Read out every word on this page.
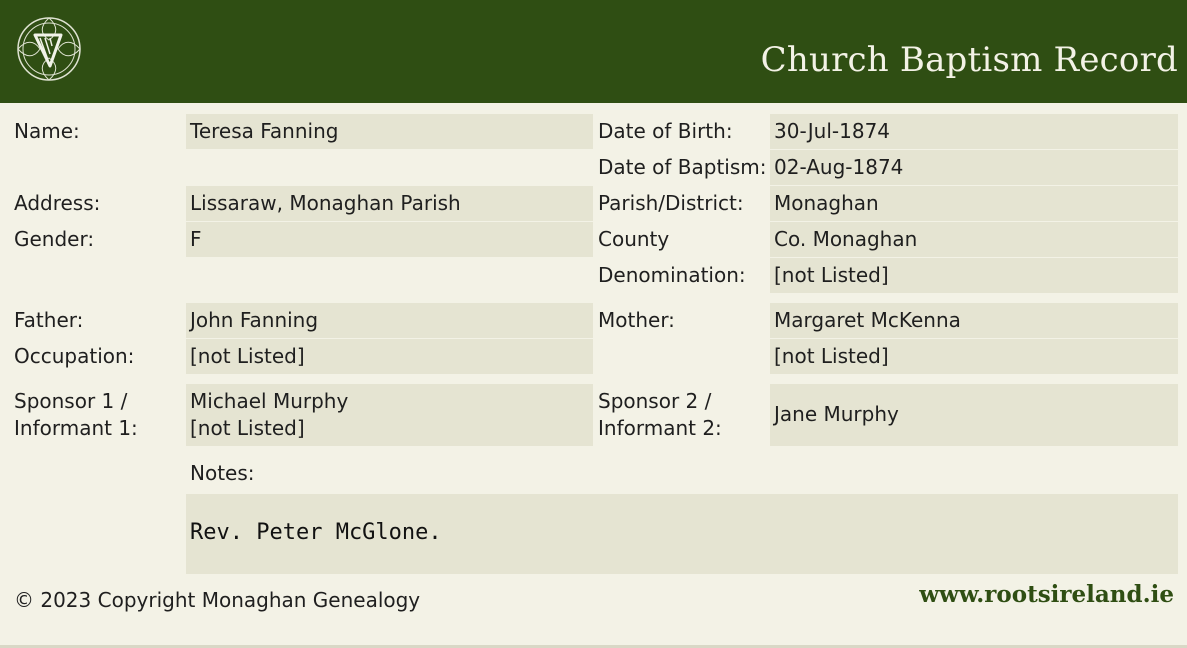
Church Baptism Record
Name:
Address:
Gender:
Father:
Occupation:
Sponsor 1 /
Informant 1:
Teresa Fanning
Lissaraw, Monaghan Parish
F
John Fanning
[not Listed]
Michael Murphy
[not Listed]
Date of Birth:
Date of Baptism:
Parish/District:
County
Denomination:
Mother:
Sponsor 2 /
Informant 2:
30-Jul-1874
02-Aug-1874
Monaghan
Co. Monaghan
[not Listed]
Margaret McKenna
[not Listed]
Jane Murphy
Notes:
Rev. Peter McGlone.
© 2023 Copyright Monaghan Genealogy	www.rootsireland.ie
